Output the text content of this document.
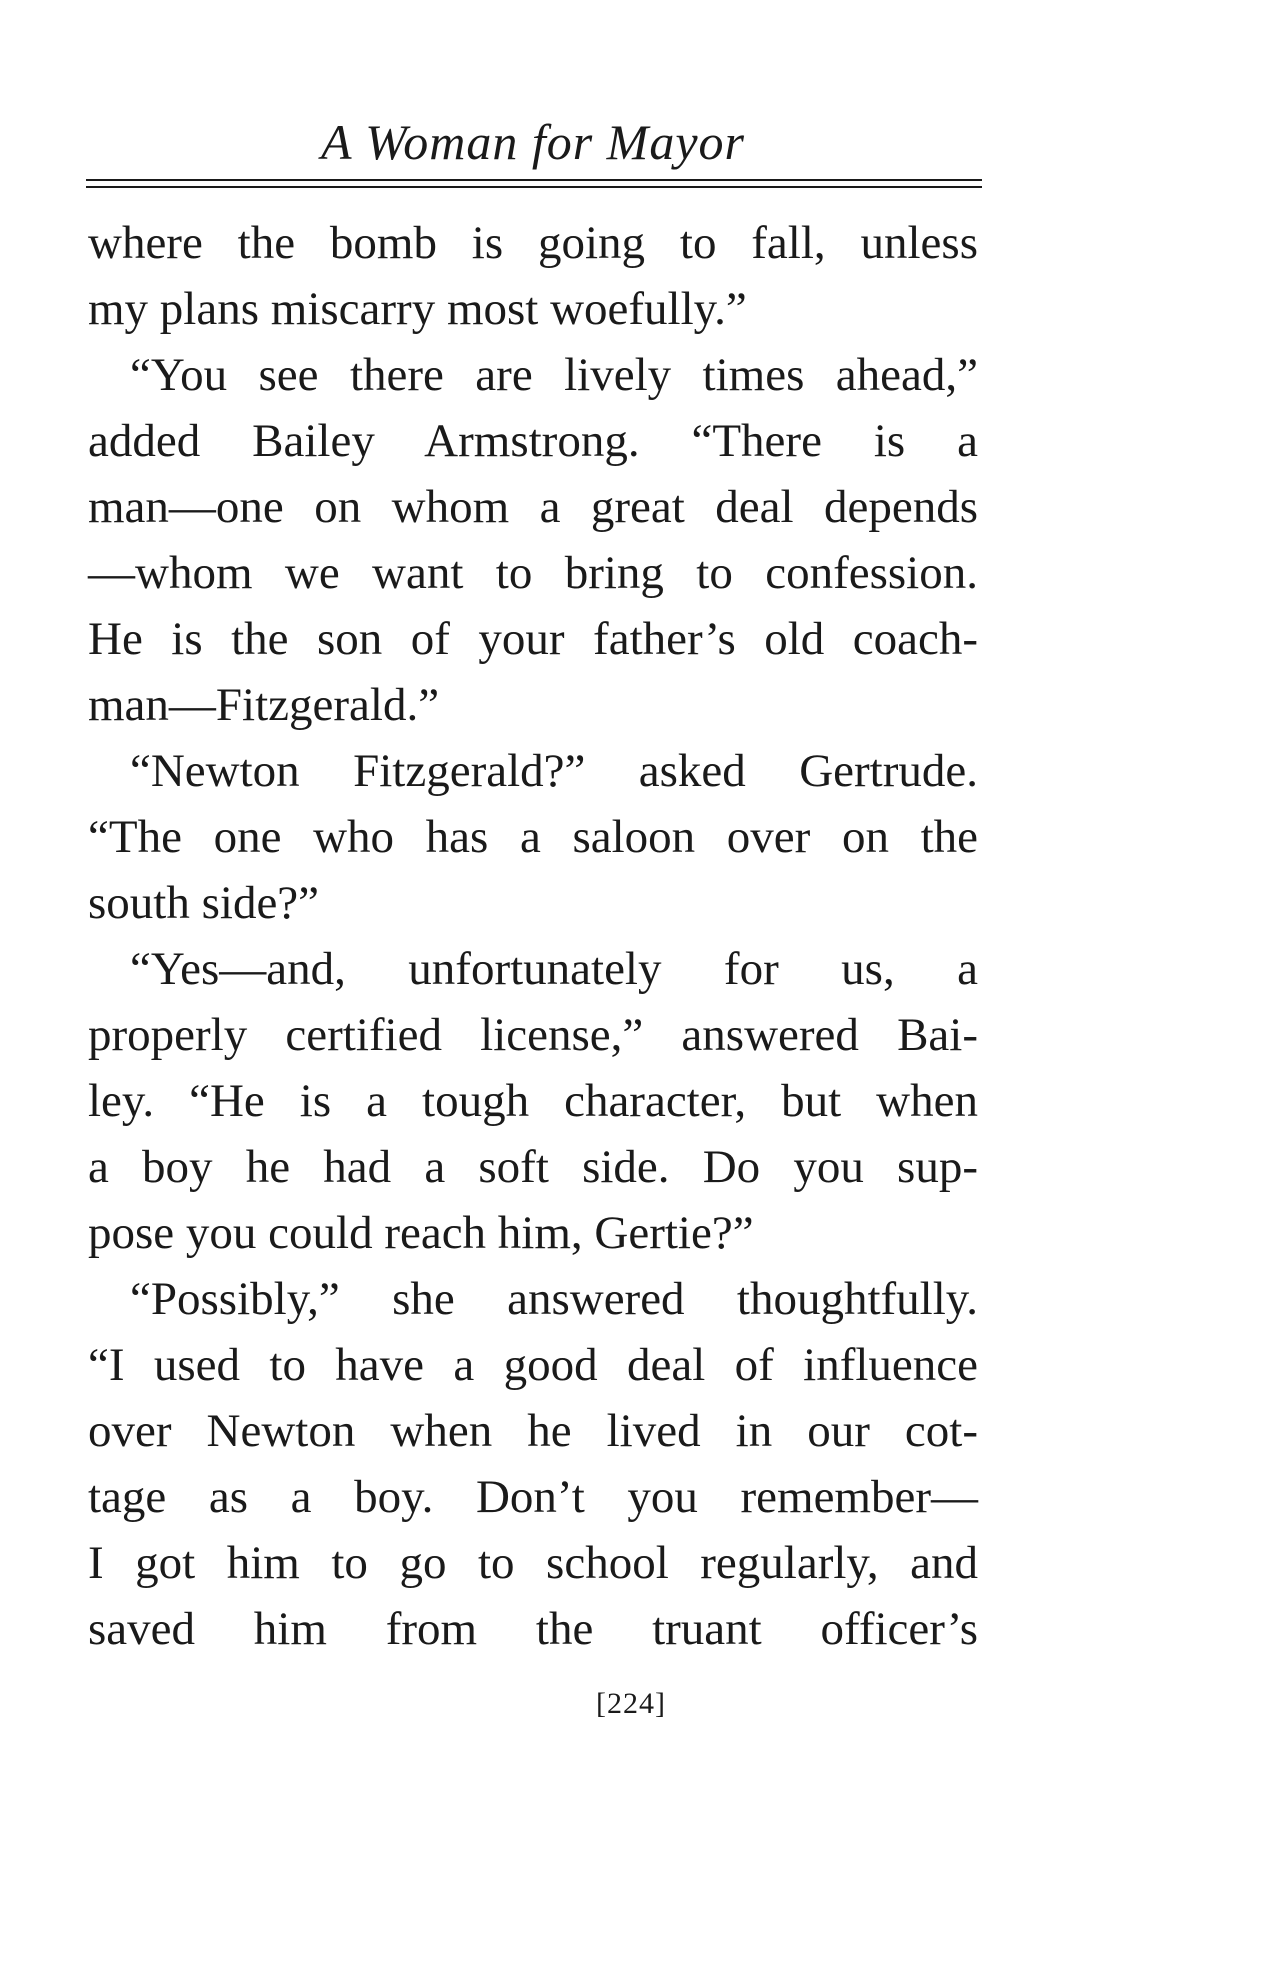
A Woman for Mayor
where the bomb is going to fall, unless
my plans miscarry most woefully.”
“You see there are lively times ahead,”
added Bailey Armstrong. “There is a
man—one on whom a great deal depends
—whom we want to bring to confession.
He is the son of your father’s old coach-
man—Fitzgerald.”
“Newton Fitzgerald?” asked Gertrude.
“The one who has a saloon over on the
south side?”
“Yes—and, unfortunately for us, a
properly certified license,” answered Bai-
ley. “He is a tough character, but when
a boy he had a soft side. Do you sup-
pose you could reach him, Gertie?”
“Possibly,” she answered thoughtfully.
“I used to have a good deal of influence
over Newton when he lived in our cot-
tage as a boy. Don’t you remember—
I got him to go to school regularly, and
saved him from the truant officer’s
[224]
